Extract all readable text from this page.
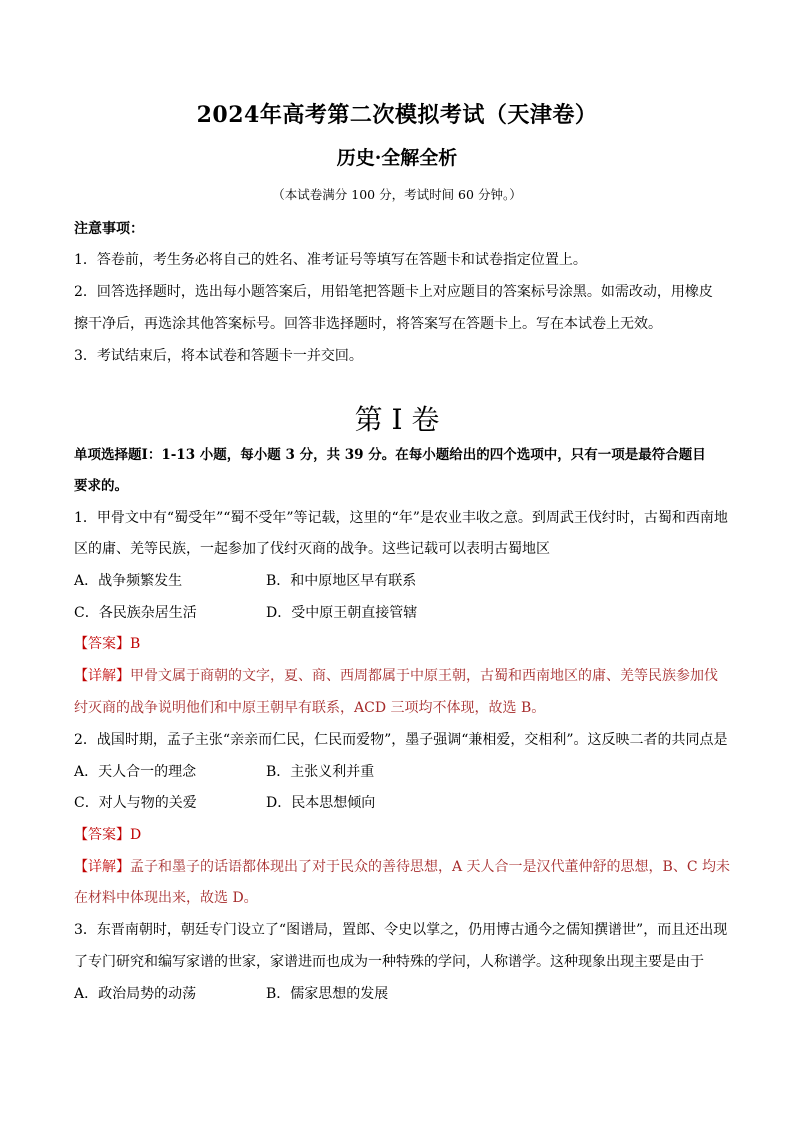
2024年高考第二次模拟考试（天津卷）
历史·全解全析
（本试卷满分 100 分，考试时间 60 分钟。）
注意事项：
1．答卷前，考生务必将自己的姓名、准考证号等填写在答题卡和试卷指定位置上。
2．回答选择题时，选出每小题答案后，用铅笔把答题卡上对应题目的答案标号涂黑。如需改动，用橡皮
擦干净后，再选涂其他答案标号。回答非选择题时，将答案写在答题卡上。写在本试卷上无效。
3．考试结束后，将本试卷和答题卡一并交回。
第 I 卷
单项选择题Ⅰ：1-13 小题，每小题 3 分，共 39 分。在每小题给出的四个选项中，只有一项是最符合题目
要求的。
1．甲骨文中有“蜀受年”“蜀不受年”等记载，这里的“年”是农业丰收之意。到周武王伐纣时，古蜀和西南地
区的庸、羌等民族，一起参加了伐纣灭商的战争。这些记载可以表明古蜀地区
A．战争频繁发生	B．和中原地区早有联系
C．各民族杂居生活	D．受中原王朝直接管辖
【答案】B
【详解】甲骨文属于商朝的文字，夏、商、西周都属于中原王朝，古蜀和西南地区的庸、羌等民族参加伐
纣灭商的战争说明他们和中原王朝早有联系，ACD 三项均不体现，故选 B。
2．战国时期，孟子主张“亲亲而仁民，仁民而爱物”，墨子强调“兼相爱，交相利”。这反映二者的共同点是
A．天人合一的理念	B．主张义利并重
C．对人与物的关爱	D．民本思想倾向
【答案】D
【详解】孟子和墨子的话语都体现出了对于民众的善待思想，A 天人合一是汉代董仲舒的思想，B、C 均未
在材料中体现出来，故选 D。
3．东晋南朝时，朝廷专门设立了“图谱局，置郎、令史以掌之，仍用博古通今之儒知撰谱世”，而且还出现
了专门研究和编写家谱的世家，家谱进而也成为一种特殊的学问，人称谱学。这种现象出现主要是由于
A．政治局势的动荡	B．儒家思想的发展
